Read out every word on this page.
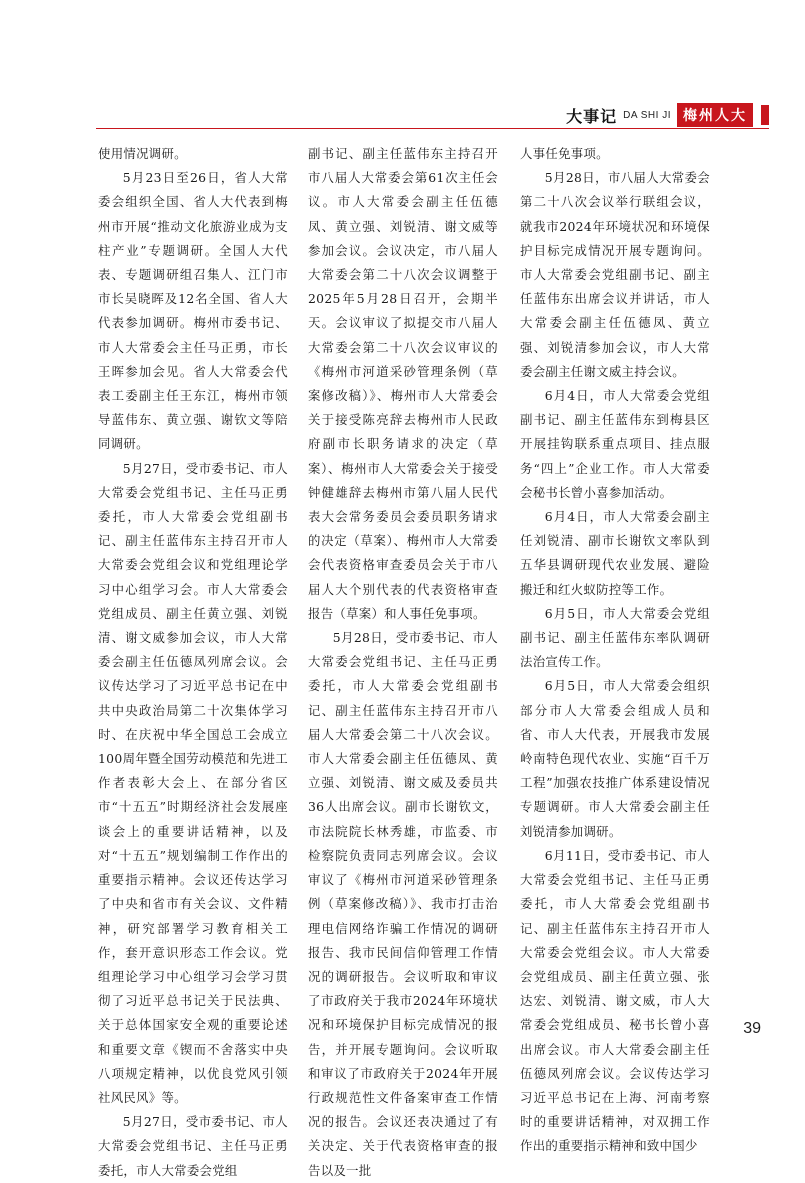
大事记 DA SHI JI 梅州人大

使用情况调研。

5月23日至26日，省人大常委会组织全国、省人大代表到梅州市开展“推动文化旅游业成为支柱产业”专题调研。全国人大代表、专题调研组召集人、江门市市长吴晓晖及12名全国、省人大代表参加调研。梅州市委书记、市人大常委会主任马正勇，市长王晖参加会见。省人大常委会代表工委副主任王东江，梅州市领导蓝伟东、黄立强、谢钦文等陪同调研。

5月27日，受市委书记、市人大常委会党组书记、主任马正勇委托，市人大常委会党组副书记、副主任蓝伟东主持召开市人大常委会党组会议和党组理论学习中心组学习会。市人大常委会党组成员、副主任黄立强、刘锐清、谢文威参加会议，市人大常委会副主任伍德凤列席会议。会议传达学习了习近平总书记在中共中央政治局第二十次集体学习时、在庆祝中华全国总工会成立100周年暨全国劳动模范和先进工作者表彰大会上、在部分省区市“十五五”时期经济社会发展座谈会上的重要讲话精神，以及对“十五五”规划编制工作作出的重要指示精神。会议还传达学习了中央和省市有关会议、文件精神，研究部署学习教育相关工作，套开意识形态工作会议。党组理论学习中心组学习会学习贯彻了习近平总书记关于民法典、关于总体国家安全观的重要论述和重要文章《锲而不舍落实中央八项规定精神，以优良党风引领社风民风》等。

5月27日，受市委书记、市人大常委会党组书记、主任马正勇委托，市人大常委会党组

副书记、副主任蓝伟东主持召开市八届人大常委会第61次主任会议。市人大常委会副主任伍德凤、黄立强、刘锐清、谢文威等参加会议。会议决定，市八届人大常委会第二十八次会议调整于2025年5月28日召开，会期半天。会议审议了拟提交市八届人大常委会第二十八次会议审议的《梅州市河道采砂管理条例（草案修改稿）》、梅州市人大常委会关于接受陈亮辞去梅州市人民政府副市长职务请求的决定（草案）、梅州市人大常委会关于接受钟健雄辞去梅州市第八届人民代表大会常务委员会委员职务请求的决定（草案）、梅州市人大常委会代表资格审查委员会关于市八届人大个别代表的代表资格审查报告（草案）和人事任免事项。

5月28日，受市委书记、市人大常委会党组书记、主任马正勇委托，市人大常委会党组副书记、副主任蓝伟东主持召开市八届人大常委会第二十八次会议。市人大常委会副主任伍德凤、黄立强、刘锐清、谢文威及委员共36人出席会议。副市长谢钦文，市法院院长林秀雄，市监委、市检察院负责同志列席会议。会议审议了《梅州市河道采砂管理条例（草案修改稿）》、我市打击治理电信网络诈骗工作情况的调研报告、我市民间信仰管理工作情况的调研报告。会议听取和审议了市政府关于我市2024年环境状况和环境保护目标完成情况的报告，并开展专题询问。会议听取和审议了市政府关于2024年开展行政规范性文件备案审查工作情况的报告。会议还表决通过了有关决定、关于代表资格审查的报告以及一批

人事任免事项。

5月28日，市八届人大常委会第二十八次会议举行联组会议，就我市2024年环境状况和环境保护目标完成情况开展专题询问。市人大常委会党组副书记、副主任蓝伟东出席会议并讲话，市人大常委会副主任伍德凤、黄立强、刘锐清参加会议，市人大常委会副主任谢文威主持会议。

6月4日，市人大常委会党组副书记、副主任蓝伟东到梅县区开展挂钩联系重点项目、挂点服务“四上”企业工作。市人大常委会秘书长曾小喜参加活动。

6月4日，市人大常委会副主任刘锐清、副市长谢钦文率队到五华县调研现代农业发展、避险搬迁和红火蚁防控等工作。

6月5日，市人大常委会党组副书记、副主任蓝伟东率队调研法治宣传工作。

6月5日，市人大常委会组织部分市人大常委会组成人员和省、市人大代表，开展我市发展岭南特色现代农业、实施“百千万工程”加强农技推广体系建设情况专题调研。市人大常委会副主任刘锐清参加调研。

6月11日，受市委书记、市人大常委会党组书记、主任马正勇委托，市人大常委会党组副书记、副主任蓝伟东主持召开市人大常委会党组会议。市人大常委会党组成员、副主任黄立强、张达宏、刘锐清、谢文威，市人大常委会党组成员、秘书长曾小喜出席会议。市人大常委会副主任伍德凤列席会议。会议传达学习习近平总书记在上海、河南考察时的重要讲话精神，对双拥工作作出的重要指示精神和致中国少

39
